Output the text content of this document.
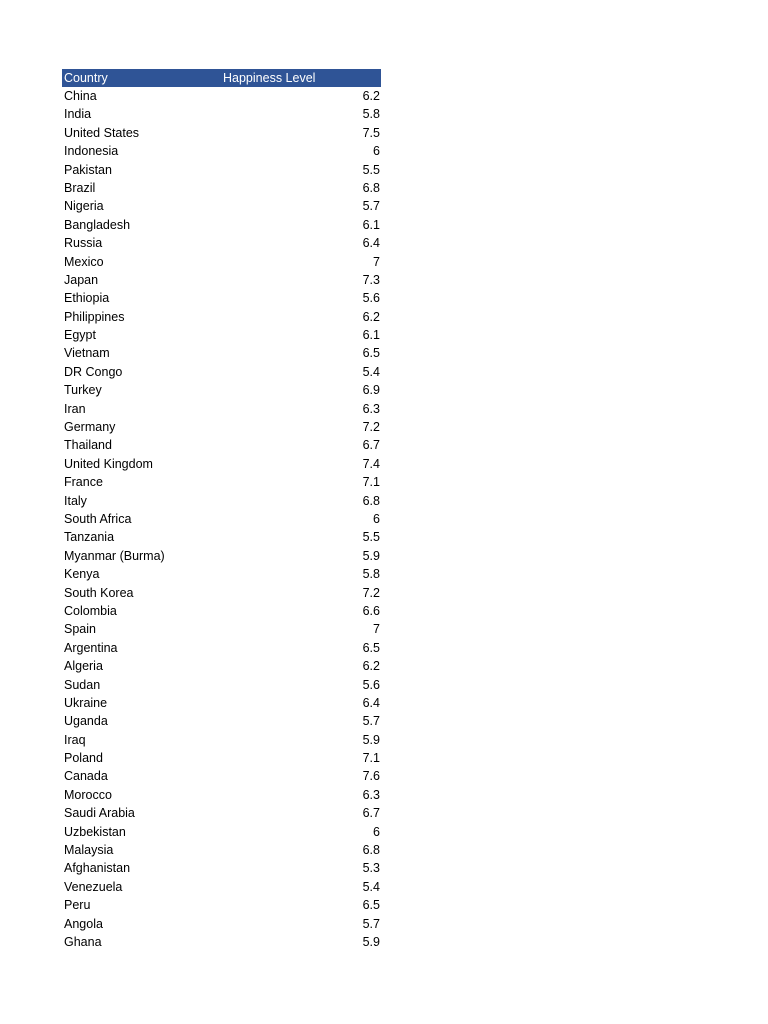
Country	Happiness Level
China	6.2
India	5.8
United States	7.5
Indonesia	6
Pakistan	5.5
Brazil	6.8
Nigeria	5.7
Bangladesh	6.1
Russia	6.4
Mexico	7
Japan	7.3
Ethiopia	5.6
Philippines	6.2
Egypt	6.1
Vietnam	6.5
DR Congo	5.4
Turkey	6.9
Iran	6.3
Germany	7.2
Thailand	6.7
United Kingdom	7.4
France	7.1
Italy	6.8
South Africa	6
Tanzania	5.5
Myanmar (Burma)	5.9
Kenya	5.8
South Korea	7.2
Colombia	6.6
Spain	7
Argentina	6.5
Algeria	6.2
Sudan	5.6
Ukraine	6.4
Uganda	5.7
Iraq	5.9
Poland	7.1
Canada	7.6
Morocco	6.3
Saudi Arabia	6.7
Uzbekistan	6
Malaysia	6.8
Afghanistan	5.3
Venezuela	5.4
Peru	6.5
Angola	5.7
Ghana	5.9
